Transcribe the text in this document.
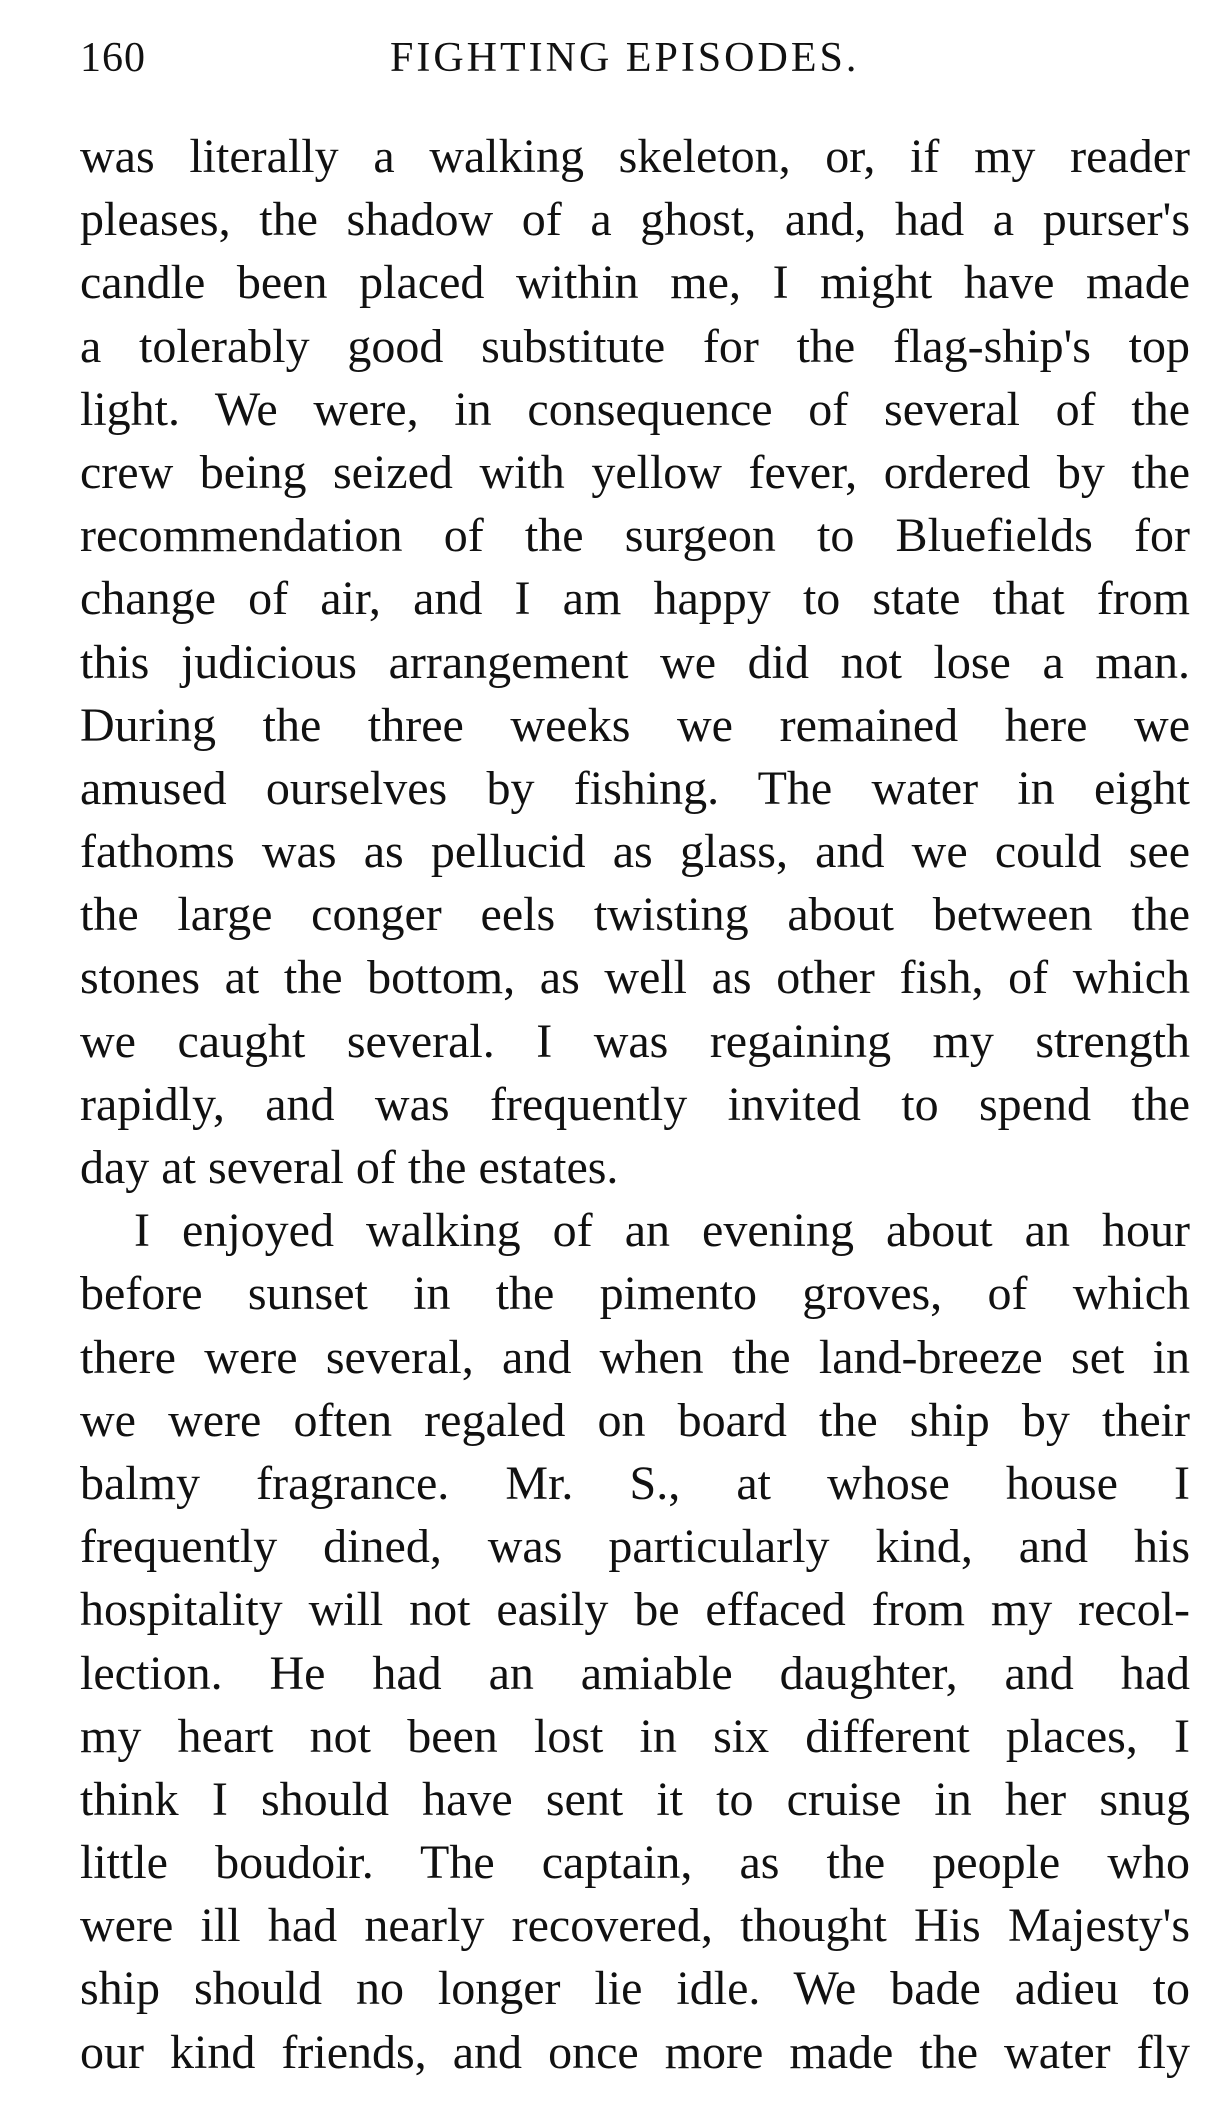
160	FIGHTING EPISODES.
was literally a walking skeleton, or, if my reader
pleases, the shadow of a ghost, and, had a purser's
candle been placed within me, I might have made
a tolerably good substitute for the flag-ship's top
light. We were, in consequence of several of the
crew being seized with yellow fever, ordered by the
recommendation of the surgeon to Bluefields for
change of air, and I am happy to state that from
this judicious arrangement we did not lose a man.
During the three weeks we remained here we
amused ourselves by fishing. The water in eight
fathoms was as pellucid as glass, and we could see
the large conger eels twisting about between the
stones at the bottom, as well as other fish, of which
we caught several. I was regaining my strength
rapidly, and was frequently invited to spend the
day at several of the estates.
I enjoyed walking of an evening about an hour
before sunset in the pimento groves, of which
there were several, and when the land-breeze set in
we were often regaled on board the ship by their
balmy fragrance. Mr. S., at whose house I
frequently dined, was particularly kind, and his
hospitality will not easily be effaced from my recol-
lection. He had an amiable daughter, and had
my heart not been lost in six different places, I
think I should have sent it to cruise in her snug
little boudoir. The captain, as the people who
were ill had nearly recovered, thought His Majesty's
ship should no longer lie idle. We bade adieu to
our kind friends, and once more made the water fly
